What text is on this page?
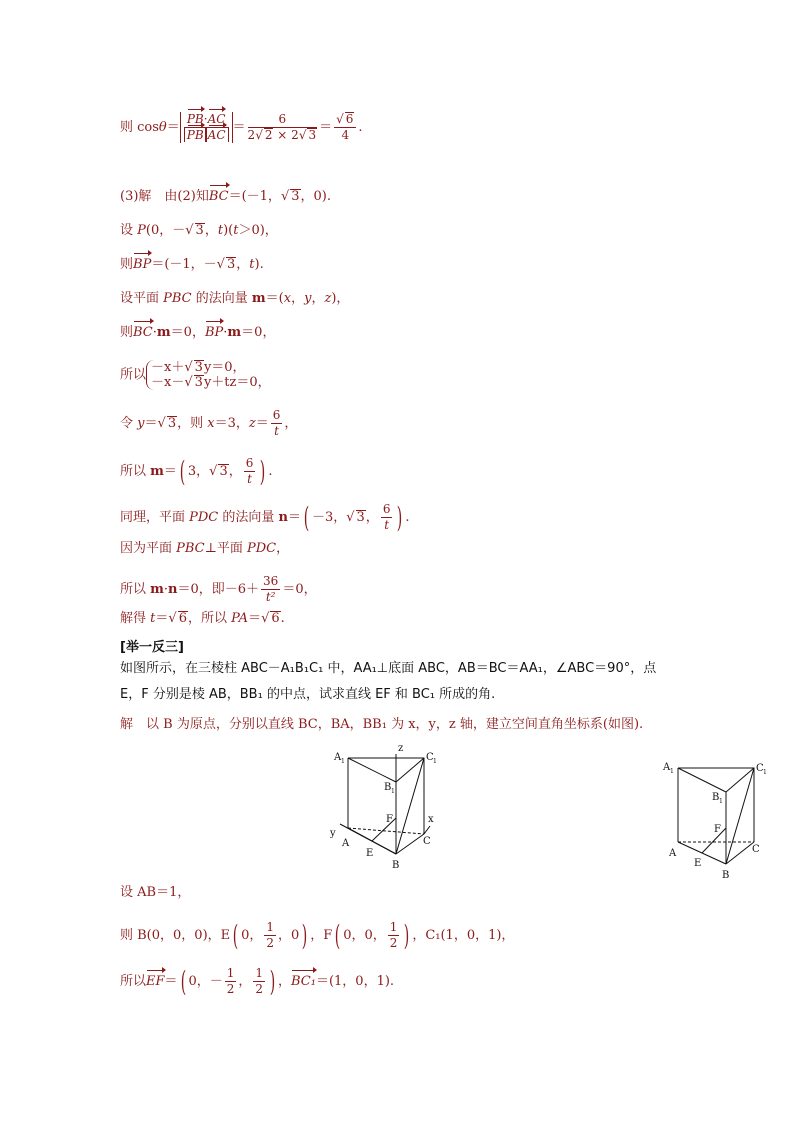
则 $\cos\theta= \frac{PB\cdot AC}{\text{PB AC}} = \frac{6}{2√ 2 \times 2√ 3} = \frac{√ 6}{4}$ .
(3)解　由(2)知BC＝(－1，√ 3，0).
设 P(0，－√ 3，t)(t＞0)，
则BP＝(－1，－√ 3，t).
设平面 PBC 的法向量 m＝(x，y，z)，
则BC·m＝0，BP·m＝0，
所以 －x＋√ 3y＝0，
－x－√ 3y＋tz＝0，
令 y＝√ 3，则 x＝3，$z= \frac{6}{t}$ ，
所以 m＝( 3，√ 3， $\frac{6}{t}$ ) .
同理，平面 PDC 的法向量 n＝( －3，√ 3， $\frac{6}{t}$ ) .
因为平面 PBC⊥平面 PDC，
所以 m·n＝0，即$-6+ \frac{36}{\text{t²}} =0$，
解得 t＝√ 6，所以 PA＝√ 6.
[举一反三]
如图所示，在三棱柱 ABC－A₁B₁C₁ 中，AA₁⊥底面 ABC，AB＝BC＝AA₁，∠ABC＝90°，点
E，F 分别是棱 AB，BB₁ 的中点，试求直线 EF 和 BC₁ 所成的角.
解　以 B 为原点，分别以直线 BC，BA，BB₁ 为 x，y，z 轴，建立空间直角坐标系(如图).
A 1	C 1
z
B 1
F	x
y
A
E
B
C
A 1	C 1
B 1
F
A
E
B
C
设 AB＝1，
则 B(0，0，0)，E( 0， $\frac{1}{2}$ ，0) ，F( 0，0， $\frac{1}{2}$ ) ，C₁(1，0，1)，
所以EF＝( 0，－ $\frac{1}{2}$ ， $\frac{1}{2}$ ) ，BC₁＝(1，0，1).
